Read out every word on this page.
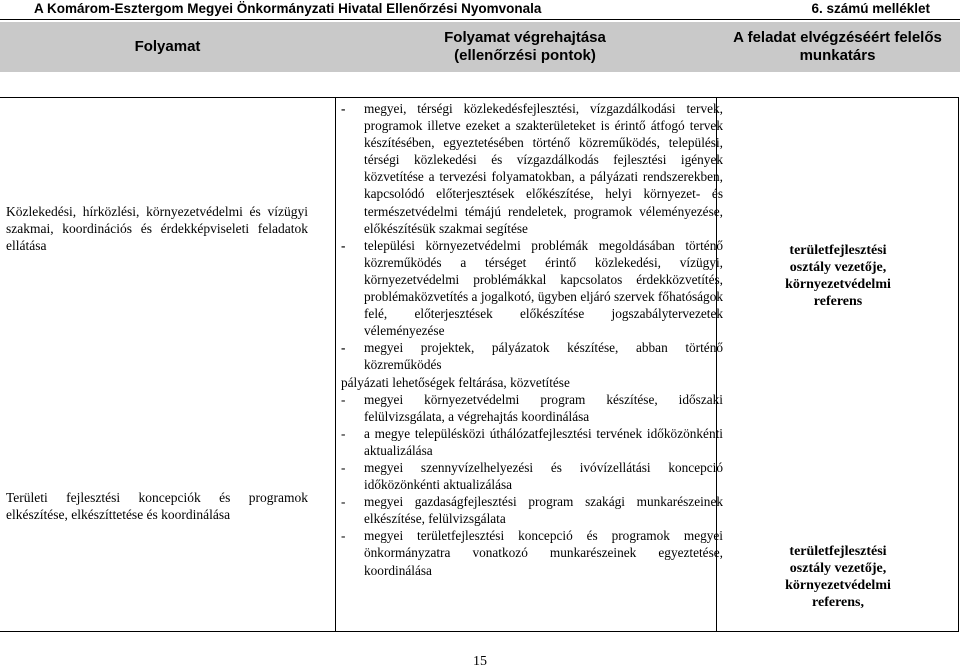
A Komárom-Esztergom Megyei Önkormányzati Hivatal Ellenőrzési Nyomvonala	6. számú melléklet
Folyamat
Folyamat végrehajtása
(ellenőrzési pontok)
A feladat elvégzéséért felelős
munkatárs
Közlekedési, hírközlési, környezetvédelmi és vízügyi szakmai, koordinációs és érdekképviseleti feladatok ellátása
Területi fejlesztési koncepciók és programok elkészítése, elkészíttetése és koordinálása
- megyei, térségi közlekedésfejlesztési, vízgazdálkodási tervek, programok illetve ezeket a szakterületeket is érintő átfogó tervek készítésében, egyeztetésében történő közreműködés, települési, térségi közlekedési és vízgazdálkodás fejlesztési igények közvetítése a tervezési folyamatokban, a pályázati rendszerekben, kapcsolódó előterjesztések előkészítése, helyi környezet- és természetvédelmi témájú rendeletek, programok véleményezése, előkészítésük szakmai segítése
- települési környezetvédelmi problémák megoldásában történő közreműködés a térséget érintő közlekedési, vízügyi, környezetvédelmi problémákkal kapcsolatos érdekközvetítés, problémaközvetítés a jogalkotó, ügyben eljáró szervek főhatóságok felé, előterjesztések előkészítése jogszabálytervezetek véleményezése
- megyei projektek, pályázatok készítése, abban történő közreműködés
pályázati lehetőségek feltárása, közvetítése
- megyei környezetvédelmi program készítése, időszaki felülvizsgálata, a végrehajtás koordinálása
- a megye településközi úthálózatfejlesztési tervének időközönkénti aktualizálása
- megyei szennyvízelhelyezési és ivóvízellátási koncepció időközönkénti aktualizálása
- megyei gazdaságfejlesztési program szakági munkarészeinek elkészítése, felülvizsgálata
- megyei területfejlesztési koncepció és programok megyei önkormányzatra vonatkozó munkarészeinek egyeztetése, koordinálása
területfejlesztési
osztály vezetője,
környezetvédelmi
referens
területfejlesztési
osztály vezetője,
környezetvédelmi
referens,
15
